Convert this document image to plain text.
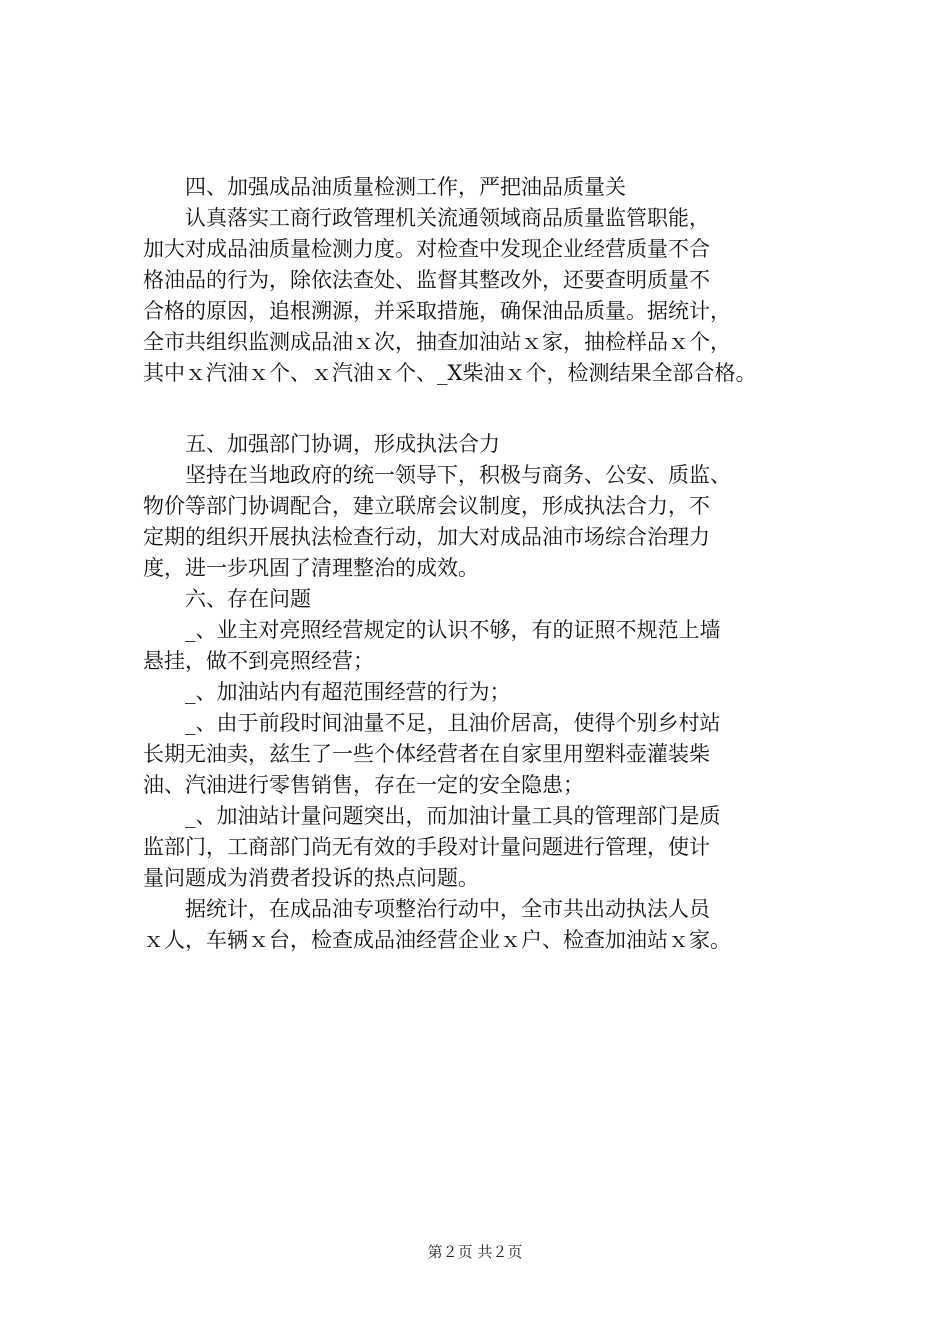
四、加强成品油质量检测工作，严把油品质量关
认真落实工商行政管理机关流通领域商品质量监管职能，
加大对成品油质量检测力度。对检查中发现企业经营质量不合
格油品的行为，除依法查处、监督其整改外，还要查明质量不
合格的原因，追根溯源，并采取措施，确保油品质量。据统计，
全市共组织监测成品油ｘ次，抽查加油站ｘ家，抽检样品ｘ个，
其中ｘ汽油ｘ个、ｘ汽油ｘ个、_X柴油ｘ个，检测结果全部合格。
五、加强部门协调，形成执法合力
坚持在当地政府的统一领导下，积极与商务、公安、质监、
物价等部门协调配合，建立联席会议制度，形成执法合力，不
定期的组织开展执法检查行动，加大对成品油市场综合治理力
度，进一步巩固了清理整治的成效。
六、存在问题
_、业主对亮照经营规定的认识不够，有的证照不规范上墙
悬挂，做不到亮照经营；
_、加油站内有超范围经营的行为；
_、由于前段时间油量不足，且油价居高，使得个别乡村站
长期无油卖，兹生了一些个体经营者在自家里用塑料壶灌装柴
油、汽油进行零售销售，存在一定的安全隐患；
_、加油站计量问题突出，而加油计量工具的管理部门是质
监部门，工商部门尚无有效的手段对计量问题进行管理，使计
量问题成为消费者投诉的热点问题。
据统计，在成品油专项整治行动中，全市共出动执法人员
ｘ人，车辆ｘ台，检查成品油经营企业ｘ户、检查加油站ｘ家。
第２页 共２页
